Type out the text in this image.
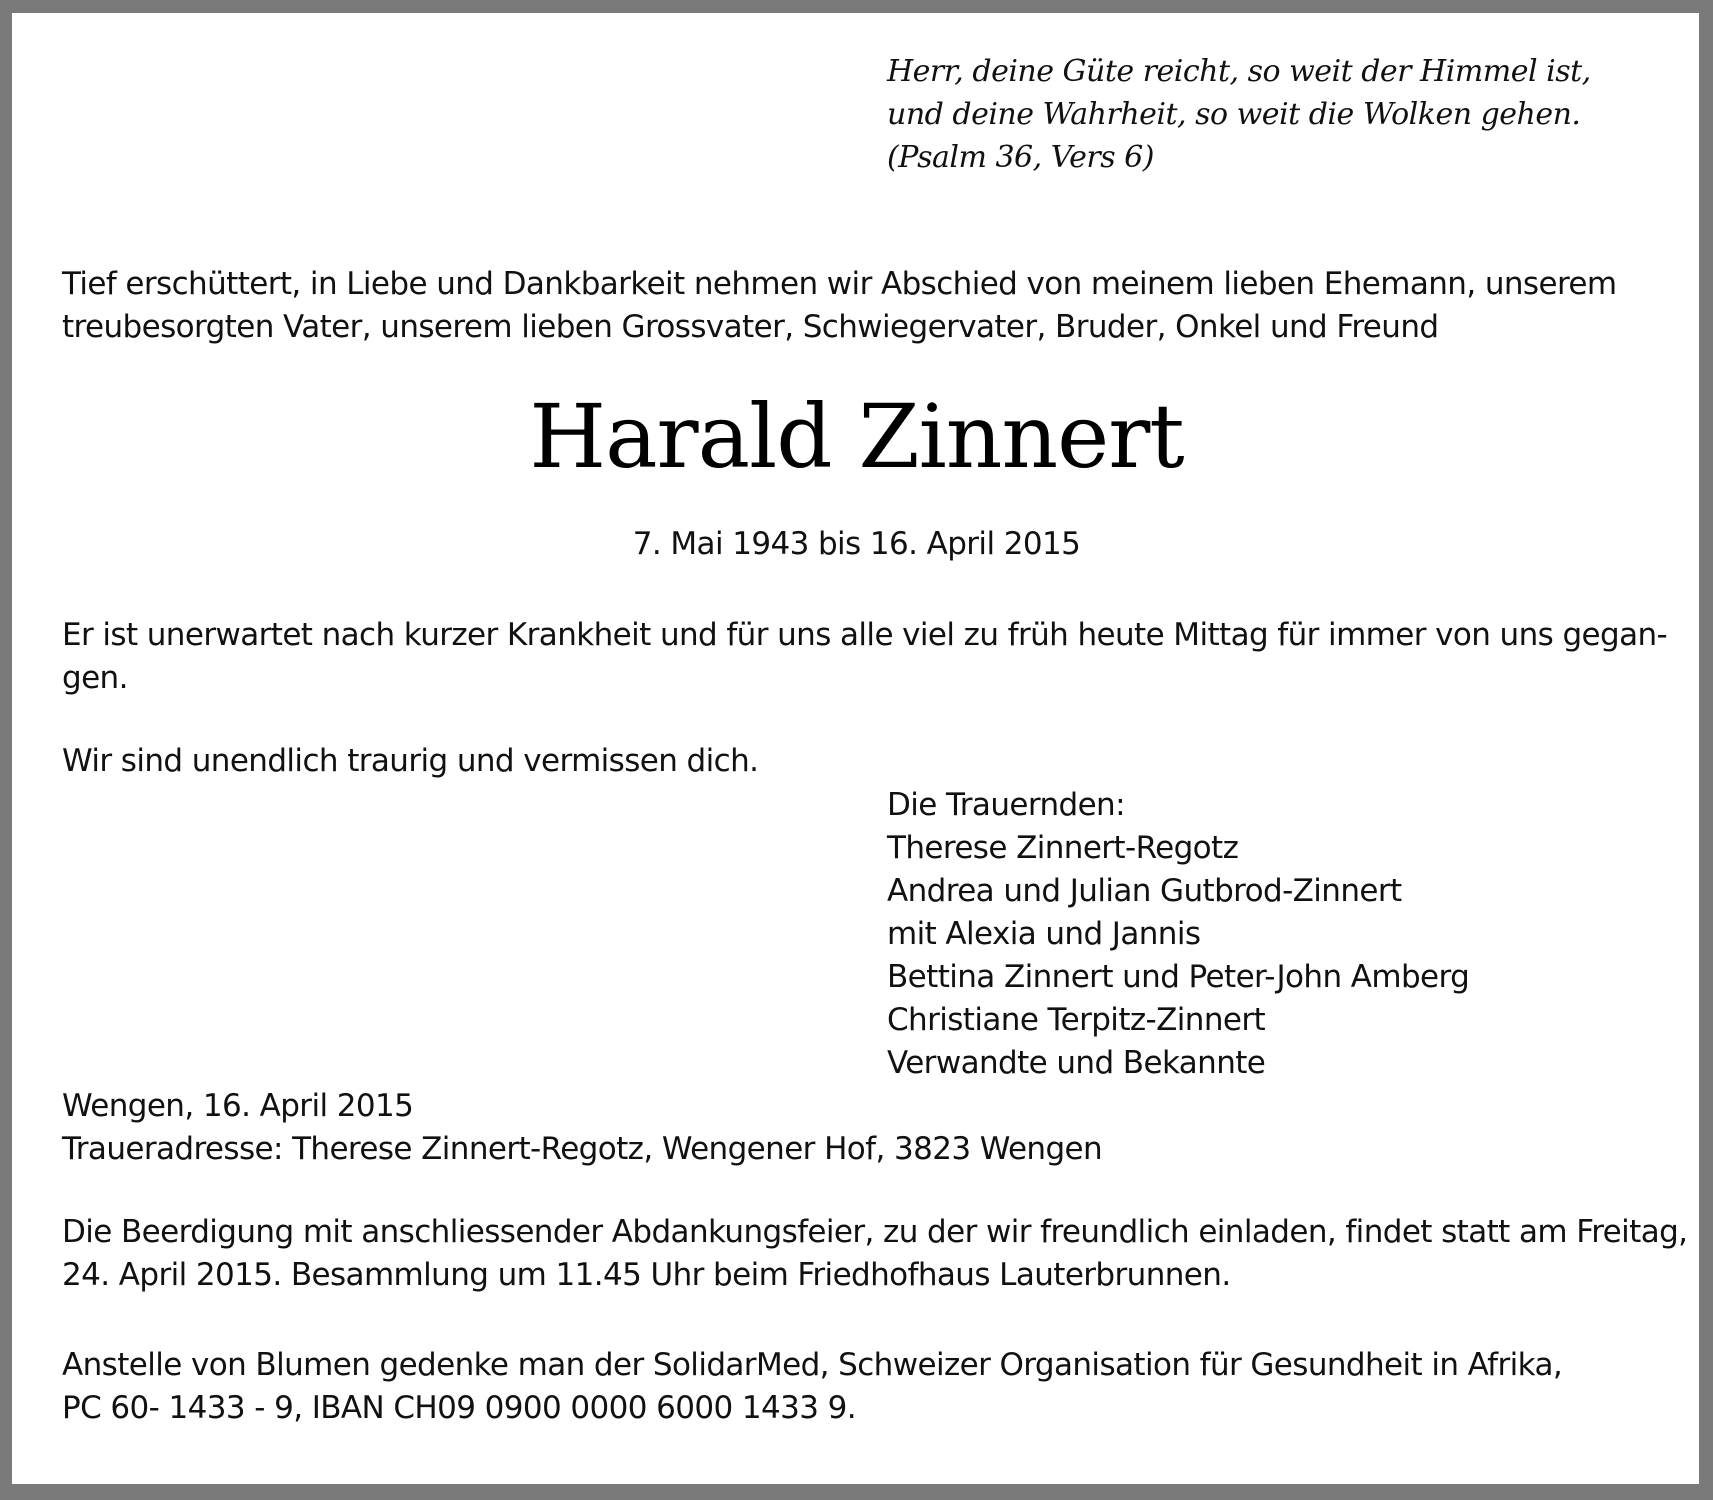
Herr, deine Güte reicht, so weit der Himmel ist,
und deine Wahrheit, so weit die Wolken gehen.
(Psalm 36, Vers 6)
Tief erschüttert, in Liebe und Dankbarkeit nehmen wir Abschied von meinem lieben Ehemann, unserem
treubesorgten Vater, unserem lieben Grossvater, Schwiegervater, Bruder, Onkel und Freund
Harald Zinnert
7. Mai 1943 bis 16. April 2015
Er ist unerwartet nach kurzer Krankheit und für uns alle viel zu früh heute Mittag für immer von uns gegan-
gen.
Wir sind unendlich traurig und vermissen dich.
Die Trauernden:
Therese Zinnert-Regotz
Andrea und Julian Gutbrod-Zinnert
mit Alexia und Jannis
Bettina Zinnert und Peter-John Amberg
Christiane Terpitz-Zinnert
Verwandte und Bekannte
Wengen, 16. April 2015
Traueradresse: Therese Zinnert-Regotz, Wengener Hof, 3823 Wengen
Die Beerdigung mit anschliessender Abdankungsfeier, zu der wir freundlich einladen, findet statt am Freitag,
24. April 2015. Besammlung um 11.45 Uhr beim Friedhofhaus Lauterbrunnen.
Anstelle von Blumen gedenke man der SolidarMed, Schweizer Organisation für Gesundheit in Afrika,
PC 60- 1433 - 9, IBAN CH09 0900 0000 6000 1433 9.
